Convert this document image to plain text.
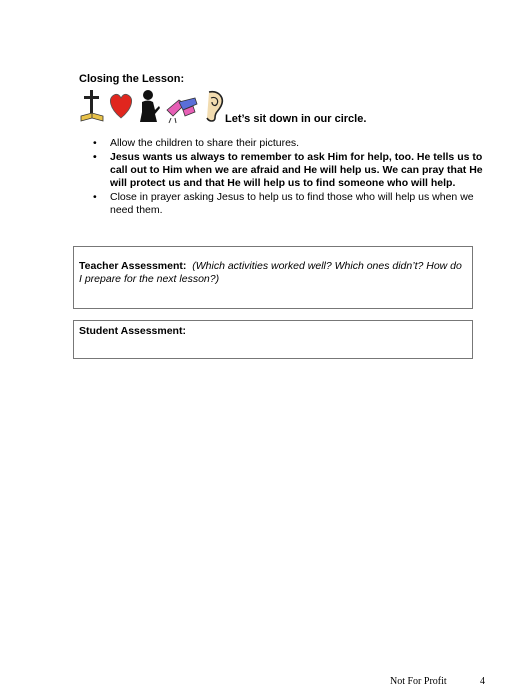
Closing the Lesson:
Let’s sit down in our circle.
• Allow the children to share their pictures.
• Jesus wants us always to remember to ask Him for help, too. He tells us to call out to Him when we are afraid and He will help us. We can pray that He will protect us and that He will help us to find someone who will help.
• Close in prayer asking Jesus to help us to find those who will help us when we need them.
Teacher Assessment: (Which activities worked well? Which ones didn’t? How do I prepare for the next lesson?)
Student Assessment:
Not For Profit	4
